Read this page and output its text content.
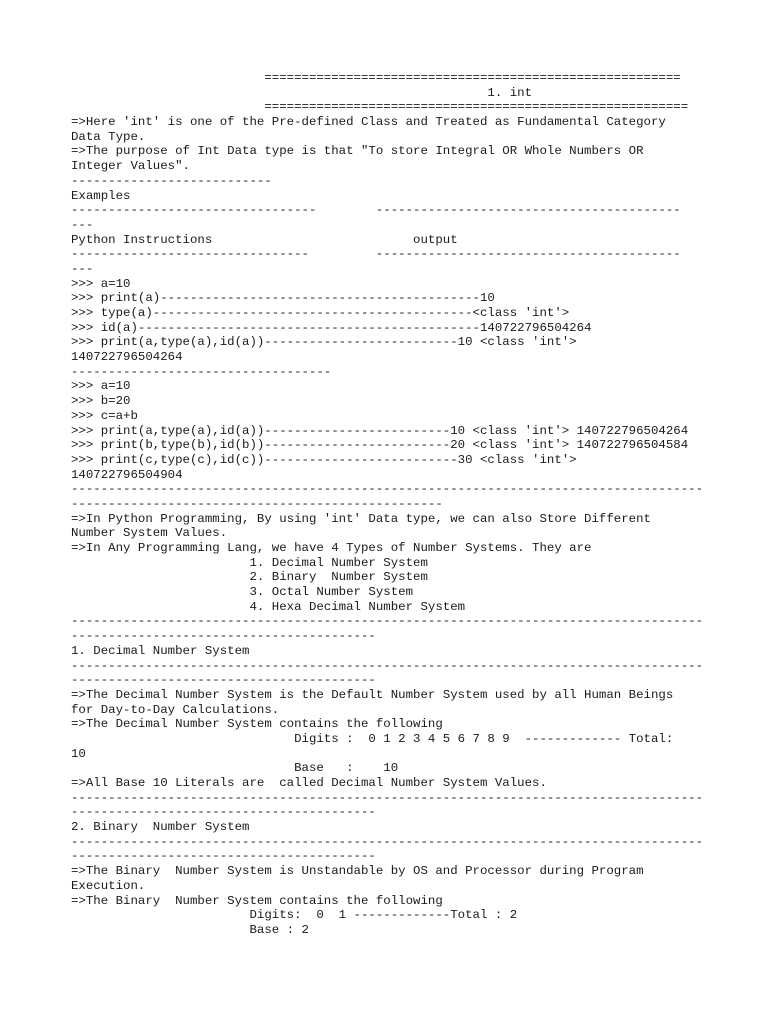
========================================================
1. int
=========================================================
=>Here 'int' is one of the Pre-defined Class and Treated as Fundamental Category
Data Type.
=>The purpose of Int Data type is that "To store Integral OR Whole Numbers OR
Integer Values".
---------------------------
Examples
---------------------------------        -----------------------------------------
---
Python Instructions                           output
--------------------------------         -----------------------------------------
---
>>> a=10
>>> print(a)-------------------------------------------10
>>> type(a)-------------------------------------------<class 'int'>
>>> id(a)----------------------------------------------140722796504264
>>> print(a,type(a),id(a))--------------------------10 <class 'int'>
140722796504264
-----------------------------------
>>> a=10
>>> b=20
>>> c=a+b
>>> print(a,type(a),id(a))-------------------------10 <class 'int'> 140722796504264
>>> print(b,type(b),id(b))-------------------------20 <class 'int'> 140722796504584
>>> print(c,type(c),id(c))--------------------------30 <class 'int'>
140722796504904
-------------------------------------------------------------------------------------
--------------------------------------------------
=>In Python Programming, By using 'int' Data type, we can also Store Different
Number System Values.
=>In Any Programming Lang, we have 4 Types of Number Systems. They are
1. Decimal Number System
2. Binary  Number System
3. Octal Number System
4. Hexa Decimal Number System
-------------------------------------------------------------------------------------
-----------------------------------------
1. Decimal Number System
-------------------------------------------------------------------------------------
-----------------------------------------
=>The Decimal Number System is the Default Number System used by all Human Beings
for Day-to-Day Calculations.
=>The Decimal Number System contains the following
Digits :  0 1 2 3 4 5 6 7 8 9  ------------- Total:
10
Base   :    10
=>All Base 10 Literals are  called Decimal Number System Values.
-------------------------------------------------------------------------------------
-----------------------------------------
2. Binary  Number System
-------------------------------------------------------------------------------------
-----------------------------------------
=>The Binary  Number System is Unstandable by OS and Processor during Program
Execution.
=>The Binary  Number System contains the following
Digits:  0  1 -------------Total : 2
Base : 2
